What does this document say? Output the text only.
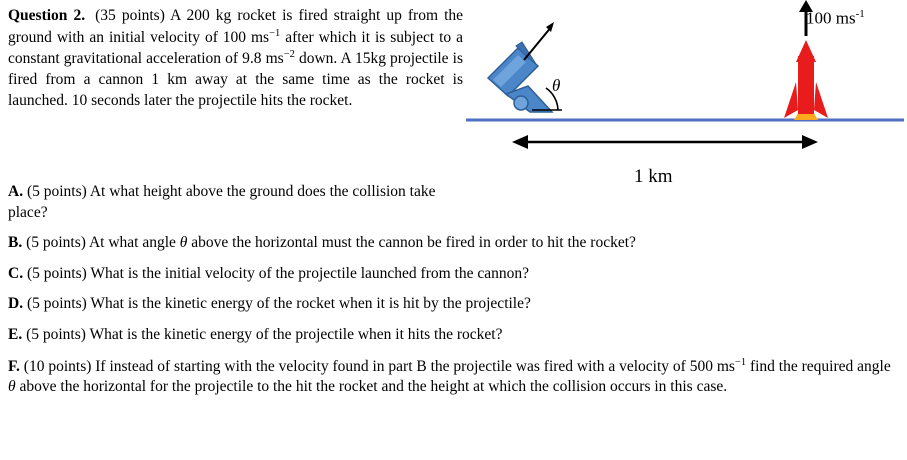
Question 2. (35 points) A 200 kg rocket is fired straight up from the ground with an initial velocity of 100 $ms^{-1}$ after which it is subject to a constant gravitational acceleration of 9.8 $ms^{-2}$ down. A 15kg projectile is fired from a cannon 1 km away at the same time as the rocket is launched. 10 seconds later the projectile hits the rocket.
100 $ms^{-1}$
θ
1 km
A. (5 points) At what height above the ground does the collision take place?
B. (5 points) At what angle θ above the horizontal must the cannon be fired in order to hit the rocket?
C. (5 points) What is the initial velocity of the projectile launched from the cannon?
D. (5 points) What is the kinetic energy of the rocket when it is hit by the projectile?
E. (5 points) What is the kinetic energy of the projectile when it hits the rocket?
F. (10 points) If instead of starting with the velocity found in part B the projectile was fired with a velocity of 500 $ms^{-1}$ find the required angle θ above the horizontal for the projectile to the hit the rocket and the height at which the collision occurs in this case.
